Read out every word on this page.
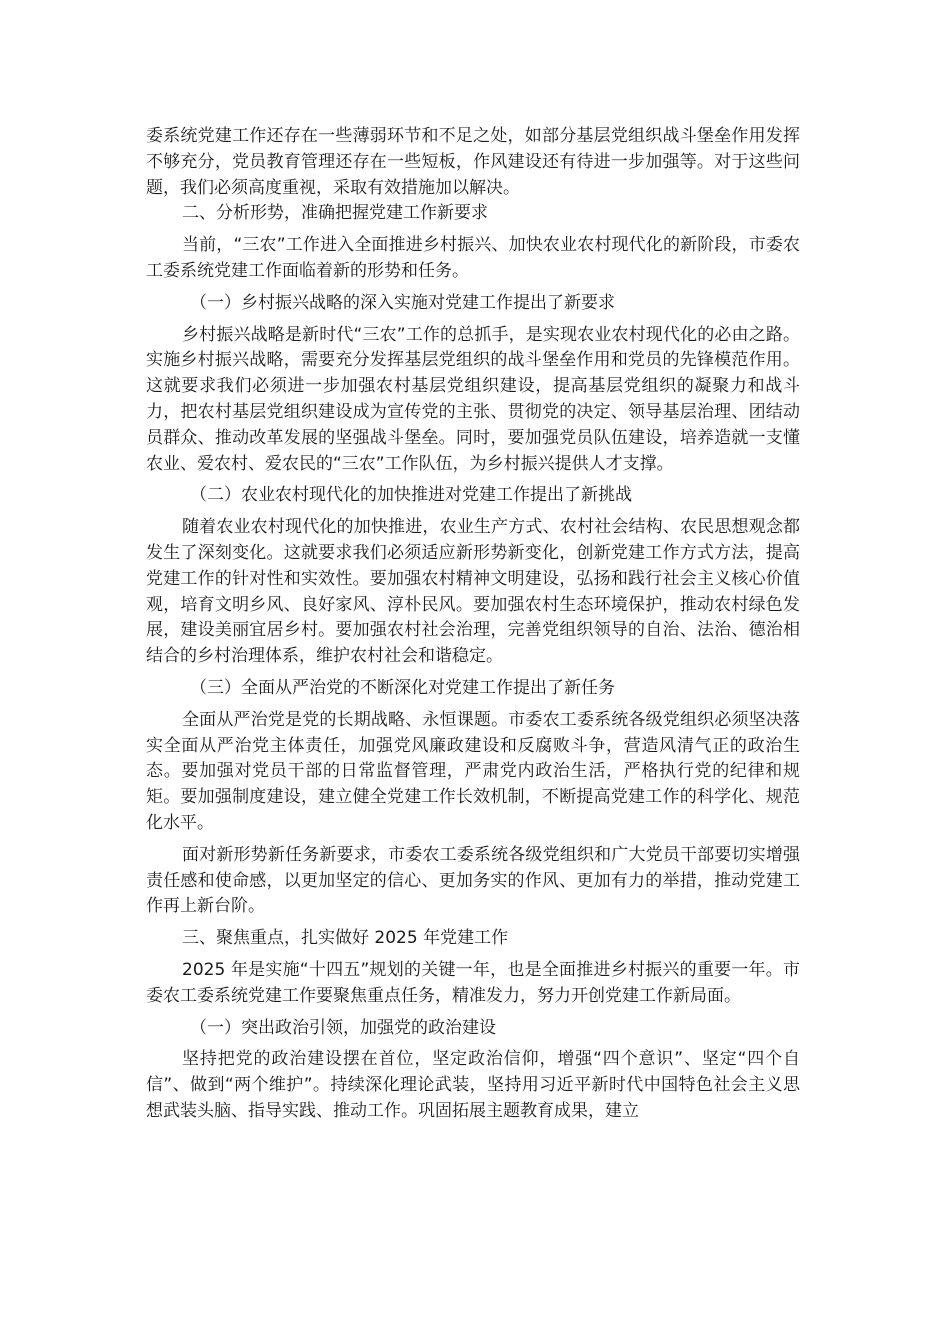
委系统党建工作还存在一些薄弱环节和不足之处，如部分基层党组织战斗堡垒作用发挥不够充分，党员教育管理还存在一些短板，作风建设还有待进一步加强等。对于这些问题，我们必须高度重视，采取有效措施加以解决。

二、分析形势，准确把握党建工作新要求

当前，“三农”工作进入全面推进乡村振兴、加快农业农村现代化的新阶段，市委农工委系统党建工作面临着新的形势和任务。

（一）乡村振兴战略的深入实施对党建工作提出了新要求

乡村振兴战略是新时代“三农”工作的总抓手，是实现农业农村现代化的必由之路。实施乡村振兴战略，需要充分发挥基层党组织的战斗堡垒作用和党员的先锋模范作用。这就要求我们必须进一步加强农村基层党组织建设，提高基层党组织的凝聚力和战斗力，把农村基层党组织建设成为宣传党的主张、贯彻党的决定、领导基层治理、团结动员群众、推动改革发展的坚强战斗堡垒。同时，要加强党员队伍建设，培养造就一支懂农业、爱农村、爱农民的“三农”工作队伍，为乡村振兴提供人才支撑。

（二）农业农村现代化的加快推进对党建工作提出了新挑战

随着农业农村现代化的加快推进，农业生产方式、农村社会结构、农民思想观念都发生了深刻变化。这就要求我们必须适应新形势新变化，创新党建工作方式方法，提高党建工作的针对性和实效性。要加强农村精神文明建设，弘扬和践行社会主义核心价值观，培育文明乡风、良好家风、淳朴民风。要加强农村生态环境保护，推动农村绿色发展，建设美丽宜居乡村。要加强农村社会治理，完善党组织领导的自治、法治、德治相结合的乡村治理体系，维护农村社会和谐稳定。

（三）全面从严治党的不断深化对党建工作提出了新任务

全面从严治党是党的长期战略、永恒课题。市委农工委系统各级党组织必须坚决落实全面从严治党主体责任，加强党风廉政建设和反腐败斗争，营造风清气正的政治生态。要加强对党员干部的日常监督管理，严肃党内政治生活，严格执行党的纪律和规矩。要加强制度建设，建立健全党建工作长效机制，不断提高党建工作的科学化、规范化水平。

面对新形势新任务新要求，市委农工委系统各级党组织和广大党员干部要切实增强责任感和使命感，以更加坚定的信心、更加务实的作风、更加有力的举措，推动党建工作再上新台阶。

三、聚焦重点，扎实做好 2025 年党建工作

2025 年是实施“十四五”规划的关键一年，也是全面推进乡村振兴的重要一年。市委农工委系统党建工作要聚焦重点任务，精准发力，努力开创党建工作新局面。

（一）突出政治引领，加强党的政治建设

坚持把党的政治建设摆在首位，坚定政治信仰，增强“四个意识”、坚定“四个自信”、做到“两个维护”。持续深化理论武装，坚持用习近平新时代中国特色社会主义思想武装头脑、指导实践、推动工作。巩固拓展主题教育成果，建立
